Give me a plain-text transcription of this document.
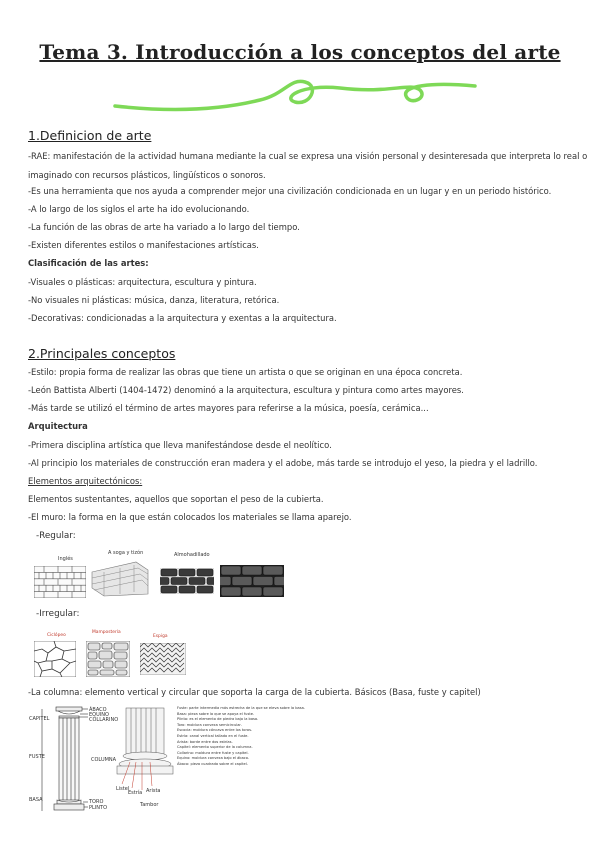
Tema 3. Introducción a los conceptos del arte
1.Definicion de arte
-RAE: manifestación de la actividad humana mediante la cual se expresa una visión personal y desinteresada que interpreta lo real o
imaginado con recursos plásticos, lingüísticos o sonoros.
-Es una herramienta que nos ayuda a comprender mejor una civilización condicionada en un lugar y en un periodo histórico.
-A lo largo de los siglos el arte ha ido evolucionando.
-La función de las obras de arte ha variado a lo largo del tiempo.
-Existen diferentes estilos o manifestaciones artísticas.
Clasificación de las artes:
-Visuales o plásticas: arquitectura, escultura y pintura.
-No visuales ni plásticas: música, danza, literatura, retórica.
-Decorativas: condicionadas a la arquitectura y exentas a la arquitectura.
2.Principales conceptos
-Estilo: propia forma de realizar las obras que tiene un artista o que se originan en una época concreta.
-León Battista Alberti (1404-1472) denominó a la arquitectura, escultura y pintura como artes mayores.
-Más tarde se utilizó el término de artes mayores para referirse a la música, poesía, cerámica...
Arquitectura
-Primera disciplina artística que lleva manifestándose desde el neolítico.
-Al principio los materiales de construcción eran madera y el adobe, más tarde se introdujo el yeso, la piedra y el ladrillo.
Elementos arquitectónicos:
Elementos sustentantes, aquellos que soportan el peso de la cubierta.
-El muro: la forma en la que están colocados los materiales se llama aparejo.
-Regular:
Inglés
A soga y tizón	Almohadillado
-Irregular:
Ciclópeo
Mampostería
Espiga
-La columna: elemento vertical y circular que soporta la carga de la cubierta. Básicos (Basa, fuste y capitel)
CAPITEL
FUSTE
BASA
ÁBACO
EQUINO
COLLARINO
COLUMNA
TORO
PLINTO
Listel
Estría Arista
Tambor

Fuste: parte intermedia más estrecha de la que se eleva sobre la basa.

Basa: pieza sobre la que se apoya el fuste.

Plinto: es el elemento de piedra bajo la basa.

Toro: moldura convexa semicircular.

Escocia: moldura cóncava entre los toros.

Estría: canal vertical tallado en el fuste.

Arista: borde entre dos estrías.

Capitel: elemento superior de la columna.

Collarino: moldura entre fuste y capitel.

Equino: moldura convexa bajo el ábaco.

Ábaco: pieza cuadrada sobre el capitel.
